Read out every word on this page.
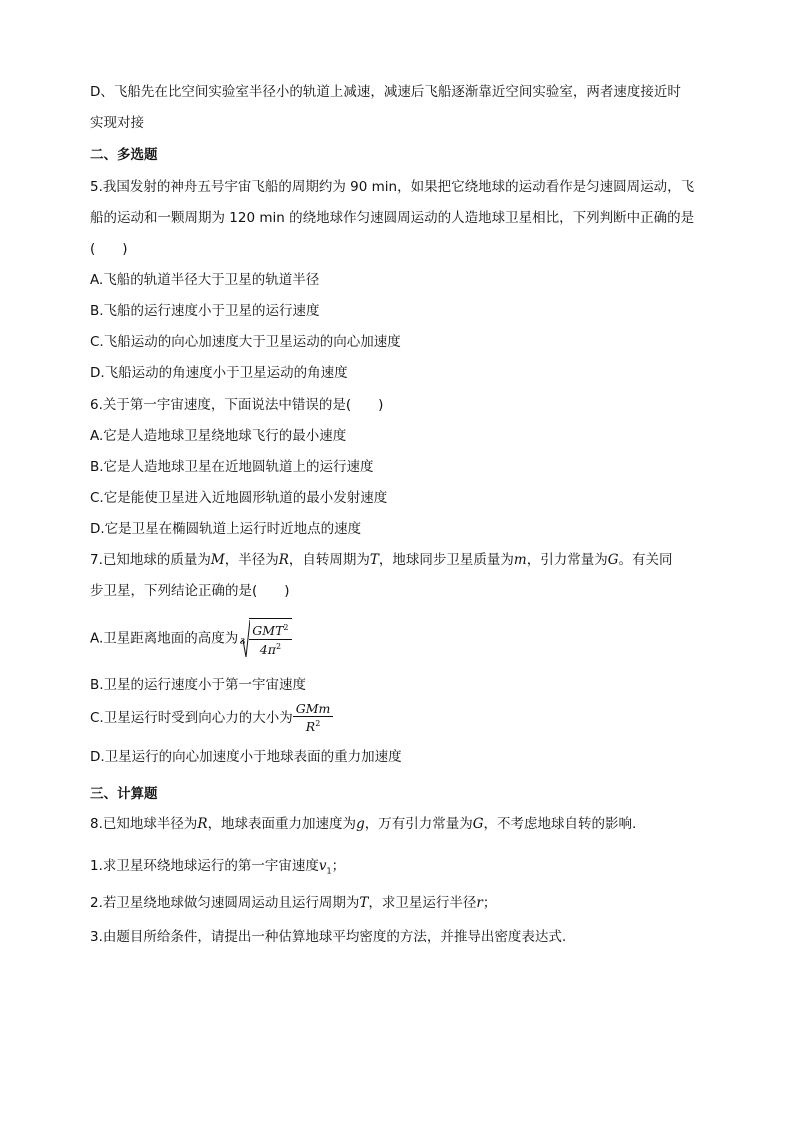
D、飞船先在比空间实验室半径小的轨道上减速，减速后飞船逐渐靠近空间实验室，两者速度接近时
实现对接
二、多选题
5.我国发射的神舟五号宇宙飞船的周期约为 90 min，如果把它绕地球的运动看作是匀速圆周运动，飞
船的运动和一颗周期为 120 min 的绕地球作匀速圆周运动的人造地球卫星相比，下列判断中正确的是
(　　)
A.飞船的轨道半径大于卫星的轨道半径
B.飞船的运行速度小于卫星的运行速度
C.飞船运动的向心加速度大于卫星运动的向心加速度
D.飞船运动的角速度小于卫星运动的角速度
6.关于第一宇宙速度，下面说法中错误的是(　　)
A.它是人造地球卫星绕地球飞行的最小速度
B.它是人造地球卫星在近地圆轨道上的运行速度
C.它是能使卫星进入近地圆形轨道的最小发射速度
D.它是卫星在椭圆轨道上运行时近地点的速度
7.已知地球的质量为M，半径为R，自转周期为T，地球同步卫星质量为m，引力常量为G。有关同
步卫星，下列结论正确的是(　　)
A.卫星距离地面的高度为 $3 \frac{GMT^2}{4\pi^2}$
B.卫星的运行速度小于第一宇宙速度
C.卫星运行时受到向心力的大小为 $\frac{\text{GMm}}{R^2}$
D.卫星运行的向心加速度小于地球表面的重力加速度
三、计算题
8.已知地球半径为R，地球表面重力加速度为g，万有引力常量为G，不考虑地球自转的影响.
1.求卫星环绕地球运行的第一宇宙速度$v_1$；
2.若卫星绕地球做匀速圆周运动且运行周期为T，求卫星运行半径r；
3.由题目所给条件，请提出一种估算地球平均密度的方法，并推导出密度表达式.
